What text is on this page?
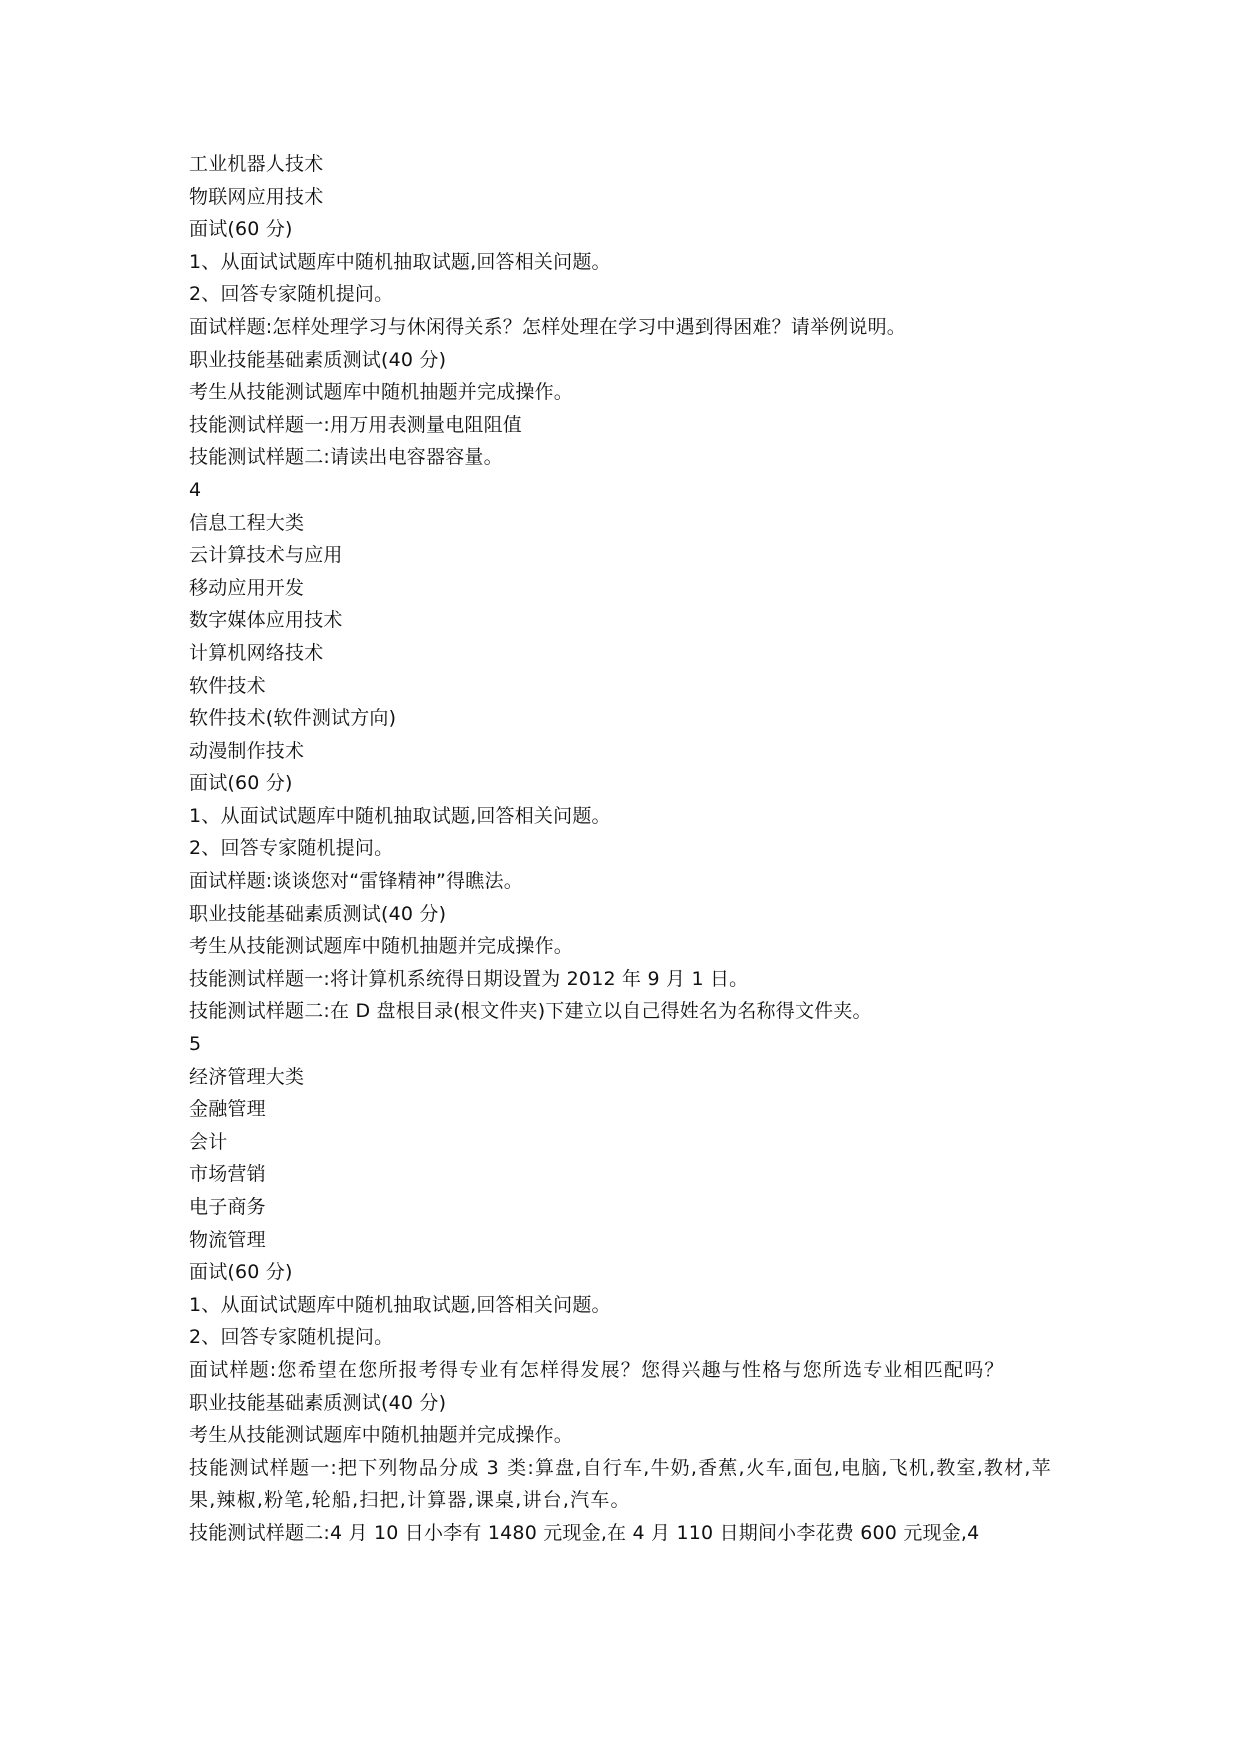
工业机器人技术
物联网应用技术
面试(60 分)
1、从面试试题库中随机抽取试题,回答相关问题。
2、回答专家随机提问。
面试样题:怎样处理学习与休闲得关系？怎样处理在学习中遇到得困难？请举例说明。
职业技能基础素质测试(40 分)
考生从技能测试题库中随机抽题并完成操作。
技能测试样题一:用万用表测量电阻阻值
技能测试样题二:请读出电容器容量。
4
信息工程大类
云计算技术与应用
移动应用开发
数字媒体应用技术
计算机网络技术
软件技术
软件技术(软件测试方向)
动漫制作技术
面试(60 分)
1、从面试试题库中随机抽取试题,回答相关问题。
2、回答专家随机提问。
面试样题:谈谈您对“雷锋精神”得瞧法。
职业技能基础素质测试(40 分)
考生从技能测试题库中随机抽题并完成操作。
技能测试样题一:将计算机系统得日期设置为 2012 年 9 月 1 日。
技能测试样题二:在 D 盘根目录(根文件夹)下建立以自己得姓名为名称得文件夹。
5
经济管理大类
金融管理
会计
市场营销
电子商务
物流管理
面试(60 分)
1、从面试试题库中随机抽取试题,回答相关问题。
2、回答专家随机提问。
面试样题:您希望在您所报考得专业有怎样得发展？您得兴趣与性格与您所选专业相匹配吗？
职业技能基础素质测试(40 分)
考生从技能测试题库中随机抽题并完成操作。
技能测试样题一:把下列物品分成 3 类:算盘,自行车,牛奶,香蕉,火车,面包,电脑,飞机,教室,教材,苹果,辣椒,粉笔,轮船,扫把,计算器,课桌,讲台,汽车。
技能测试样题二:4 月 10 日小李有 1480 元现金,在 4 月 110 日期间小李花费 600 元现金,4
